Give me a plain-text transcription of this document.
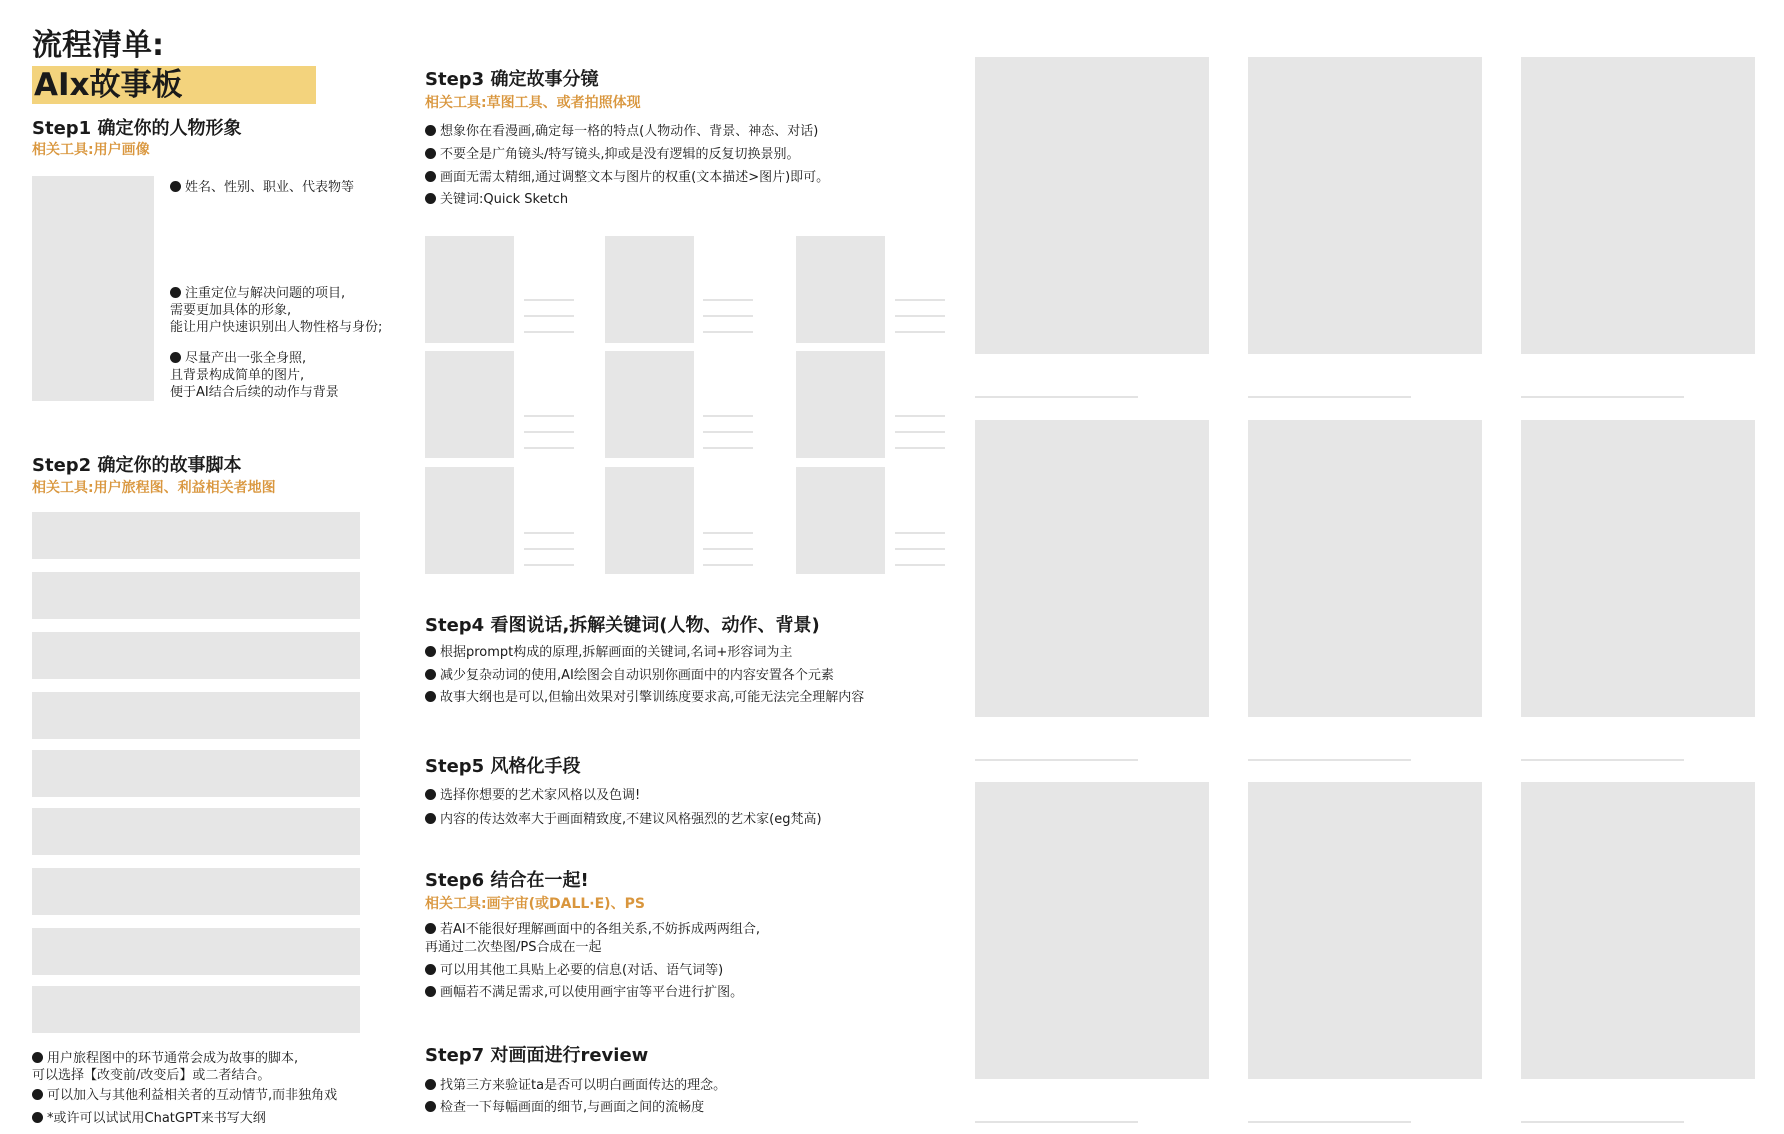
流程清单:
AIx故事板
Step1 确定你的人物形象
相关工具:用户画像
姓名、性别、职业、代表物等
注重定位与解决问题的项目,
需要更加具体的形象,
能让用户快速识别出人物性格与身份;
尽量产出一张全身照,
且背景构成简单的图片,
便于AI结合后续的动作与背景
Step2 确定你的故事脚本
相关工具:用户旅程图、利益相关者地图
用户旅程图中的环节通常会成为故事的脚本,
可以选择【改变前/改变后】或二者结合。
可以加入与其他利益相关者的互动情节,而非独角戏
*或许可以试试用ChatGPT来书写大纲
Step3 确定故事分镜
相关工具:草图工具、或者拍照体现
想象你在看漫画,确定每一格的特点(人物动作、背景、神态、对话)
不要全是广角镜头/特写镜头,抑或是没有逻辑的反复切换景别。
画面无需太精细,通过调整文本与图片的权重(文本描述>图片)即可。
关键词:Quick Sketch
Step4 看图说话,拆解关键词(人物、动作、背景)
根据prompt构成的原理,拆解画面的关键词,名词+形容词为主
减少复杂动词的使用,AI绘图会自动识别你画面中的内容安置各个元素
故事大纲也是可以,但输出效果对引擎训练度要求高,可能无法完全理解内容
Step5 风格化手段
选择你想要的艺术家风格以及色调!
内容的传达效率大于画面精致度,不建议风格强烈的艺术家(eg梵高)
Step6 结合在一起!
相关工具:画宇宙(或DALL·E)、PS
若AI不能很好理解画面中的各组关系,不妨拆成两两组合,
再通过二次垫图/PS合成在一起
可以用其他工具贴上必要的信息(对话、语气词等)
画幅若不满足需求,可以使用画宇宙等平台进行扩图。
Step7 对画面进行review
找第三方来验证ta是否可以明白画面传达的理念。
检查一下每幅画面的细节,与画面之间的流畅度
